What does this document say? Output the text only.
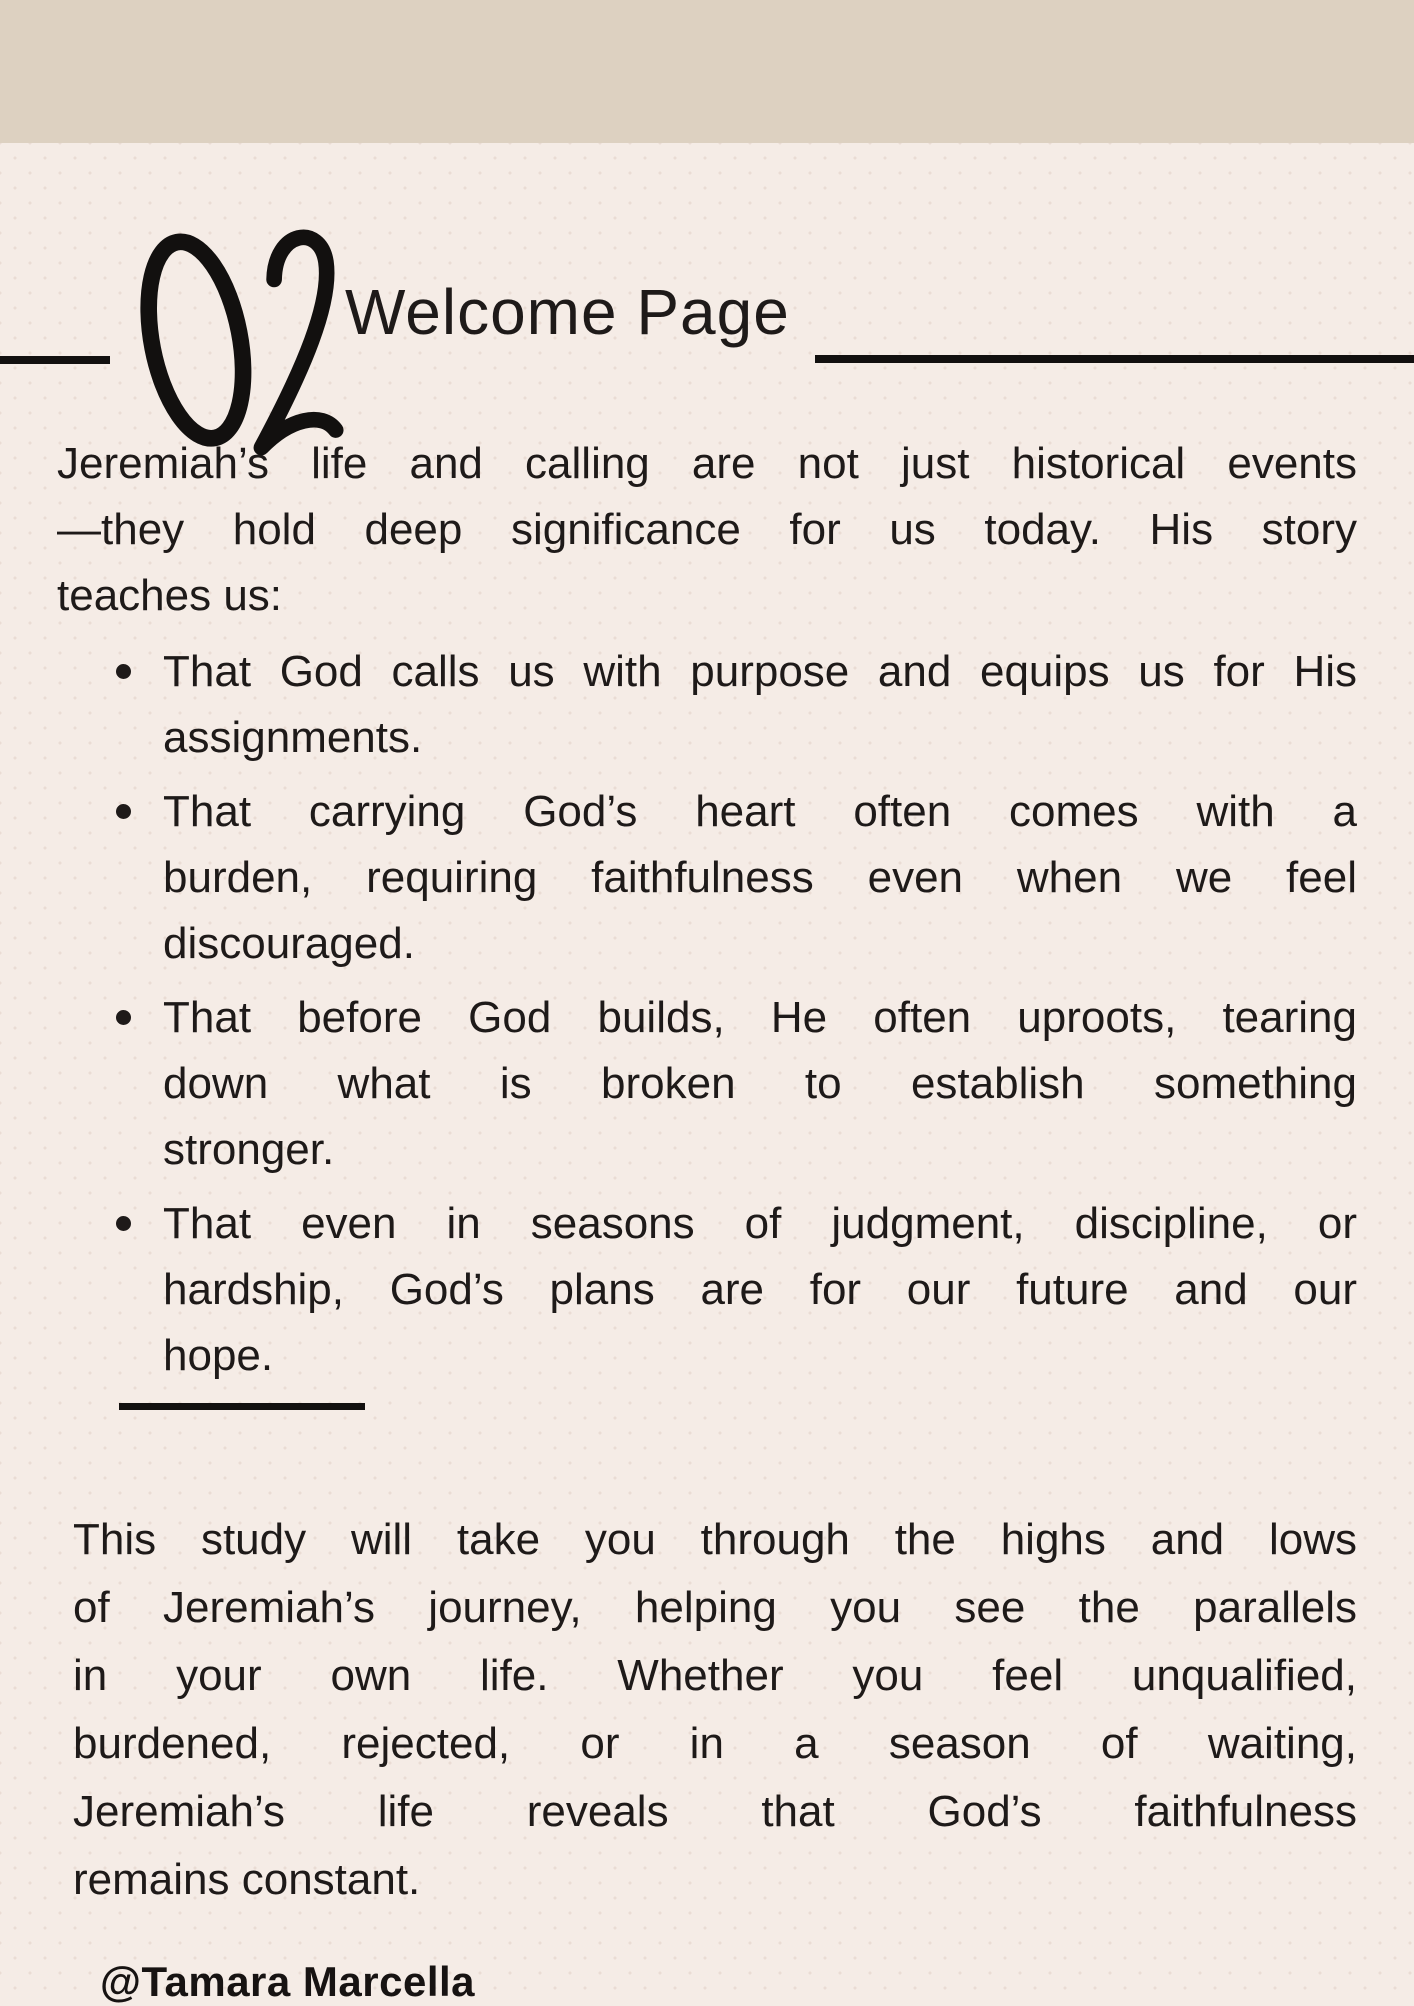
Welcome Page
Jeremiah’s life and calling are not just historical events
—they hold deep significance for us today. His story
teaches us:
That God calls us with purpose and equips us for His
assignments.
That carrying God’s heart often comes with a
burden, requiring faithfulness even when we feel
discouraged.
That before God builds, He often uproots, tearing
down what is broken to establish something
stronger.
That even in seasons of judgment, discipline, or
hardship, God’s plans are for our future and our
hope.
This study will take you through the highs and lows
of Jeremiah’s journey, helping you see the parallels
in your own life. Whether you feel unqualified,
burdened, rejected, or in a season of waiting,
Jeremiah’s life reveals that God’s faithfulness
remains constant.
@Tamara Marcella
